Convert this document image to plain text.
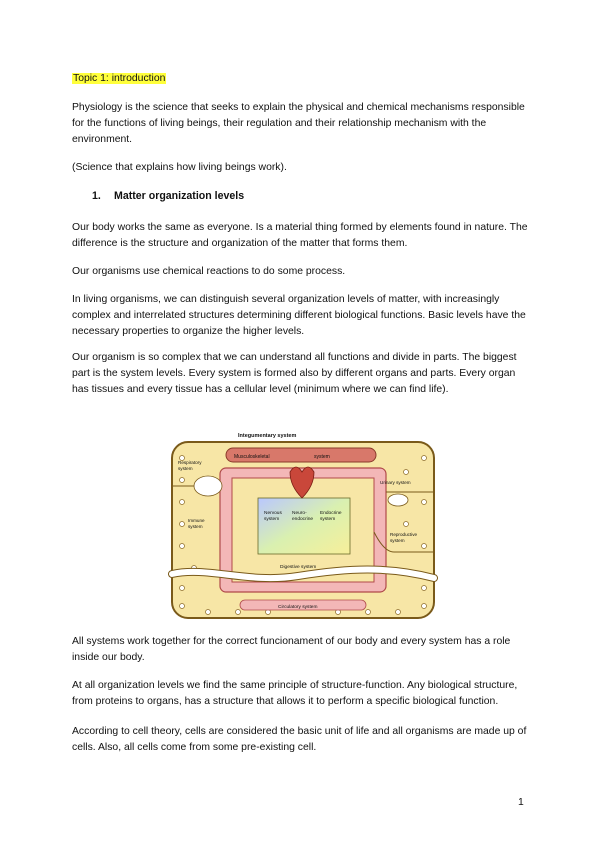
Topic 1: introduction
Physiology is the science that seeks to explain the physical and chemical mechanisms responsible for the functions of living beings, their regulation and their relationship mechanism with the environment.
(Science that explains how living beings work).
1. Matter organization levels
Our body works the same as everyone. Is a material thing formed by elements found in nature. The difference is the structure and organization of the matter that forms them.
Our organisms use chemical reactions to do some process.
In living organisms, we can distinguish several organization levels of matter, with increasingly complex and interrelated structures determining different biological functions. Basic levels have the necessary properties to organize the higher levels.
Our organism is so complex that we can understand all functions and divide in parts. The biggest part is the system levels. Every system is formed also by different organs and parts. Every organ has tissues and every tissue has a cellular level (minimum where we can find life).
Integumentary system
Musculoskeletal	system
Respiratory
system
Urinary system
Immune
system
Nervous
system
Neuro-
endocrine
Endocrine
system
Reproductive
system
Digestive system
Circulatory system
All systems work together for the correct funcionament of our body and every system has a role inside our body.
At all organization levels we find the same principle of structure-function. Any biological structure, from proteins to organs, has a structure that allows it to perform a specific biological function.
According to cell theory, cells are considered the basic unit of life and all organisms are made up of cells. Also, all cells come from some pre-existing cell.
1
